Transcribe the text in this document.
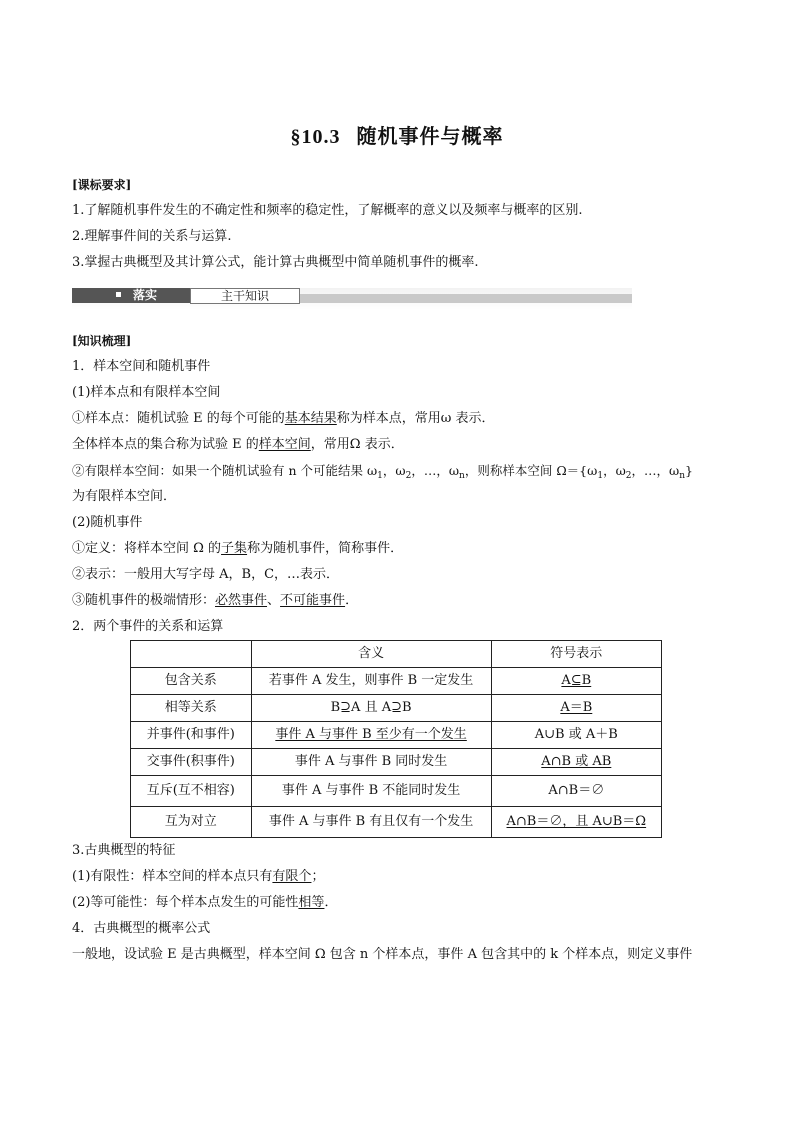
§10.3 随机事件与概率
[课标要求]
1.了解随机事件发生的不确定性和频率的稳定性，了解概率的意义以及频率与概率的区别.
2.理解事件间的关系与运算.
3.掌握古典概型及其计算公式，能计算古典概型中简单随机事件的概率.
落实	主干知识
[知识梳理]
1．样本空间和随机事件
(1)样本点和有限样本空间
①样本点：随机试验 E 的每个可能的基本结果称为样本点，常用ω 表示．
全体样本点的集合称为试验 E 的样本空间，常用Ω 表示．
②有限样本空间：如果一个随机试验有 n 个可能结果 $\omega_1$，$\omega_2$，…，$\omega_n$，则称样本空间 $\Omega=\{\omega_1$，$\omega_2$，…，$\omega_n$}
为有限样本空间．
(2)随机事件
①定义：将样本空间 Ω 的子集称为随机事件，简称事件．
②表示：一般用大写字母 A，B，C，…表示．
③随机事件的极端情形：必然事件、不可能事件．
2．两个事件的关系和运算
	含义	符号表示
包含关系	若事件 A 发生，则事件 B 一定发生	A⊆B
相等关系	B⊇A 且 A⊇B	A＝B
并事件(和事件)	事件 A 与事件 B 至少有一个发生	A∪B 或 A＋B
交事件(积事件)	事件 A 与事件 B 同时发生	A∩B 或 AB
互斥(互不相容)	事件 A 与事件 B 不能同时发生	A∩B＝∅
互为对立	事件 A 与事件 B 有且仅有一个发生	A∩B＝∅，且 A∪B＝Ω
3.古典概型的特征
(1)有限性：样本空间的样本点只有有限个；
(2)等可能性：每个样本点发生的可能性相等．
4．古典概型的概率公式
一般地，设试验 E 是古典概型，样本空间 Ω 包含 n 个样本点，事件 A 包含其中的 k 个样本点，则定义事件
